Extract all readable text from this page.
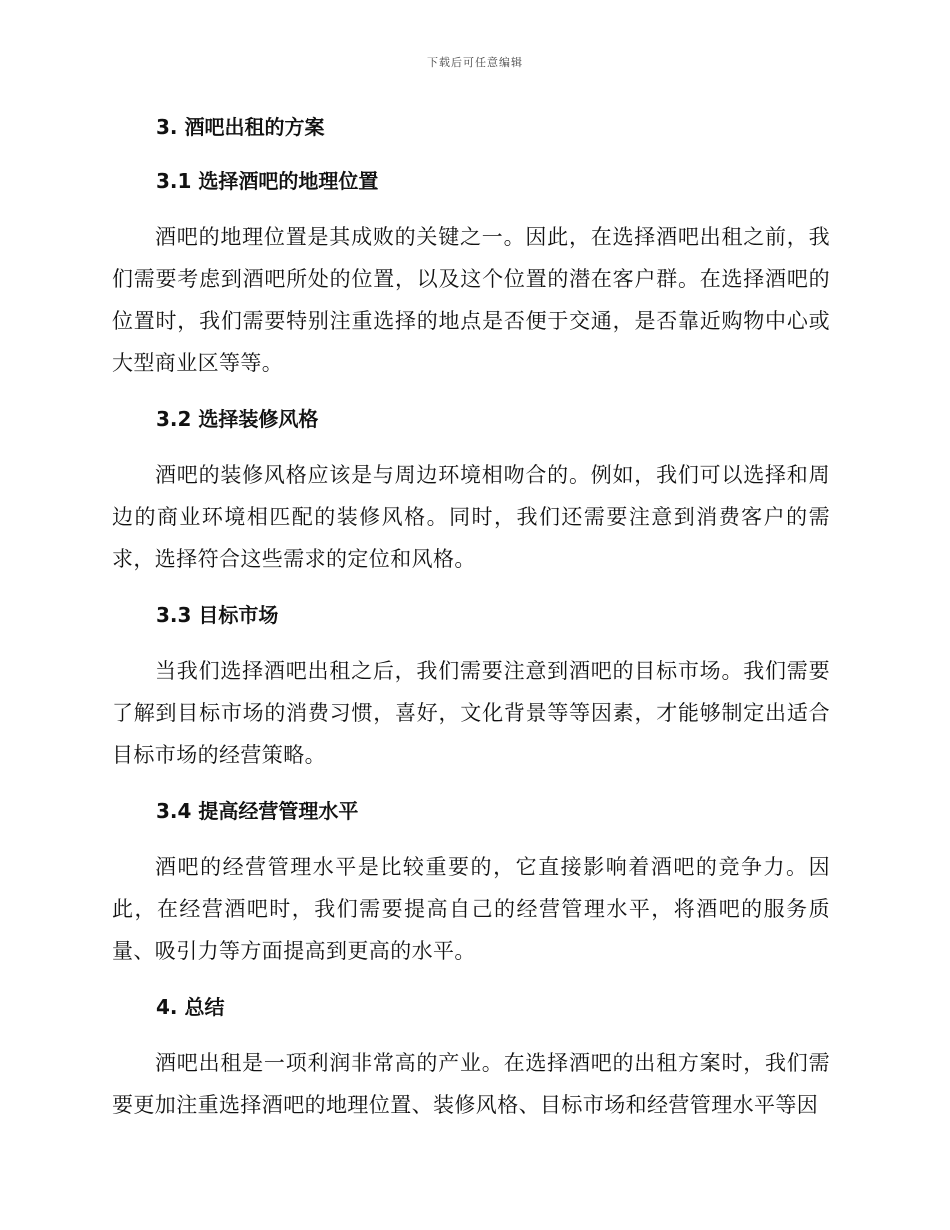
下载后可任意编辑
3. 酒吧出租的方案
3.1 选择酒吧的地理位置

酒吧的地理位置是其成败的关键之一。因此，在选择酒吧出租之前，我们需要考虑到酒吧所处的位置，以及这个位置的潜在客户群。在选择酒吧的位置时，我们需要特别注重选择的地点是否便于交通，是否靠近购物中心或大型商业区等等。

3.2 选择装修风格

酒吧的装修风格应该是与周边环境相吻合的。例如，我们可以选择和周边的商业环境相匹配的装修风格。同时，我们还需要注意到消费客户的需求，选择符合这些需求的定位和风格。

3.3 目标市场

当我们选择酒吧出租之后，我们需要注意到酒吧的目标市场。我们需要了解到目标市场的消费习惯，喜好，文化背景等等因素，才能够制定出适合目标市场的经营策略。

3.4 提高经营管理水平

酒吧的经营管理水平是比较重要的，它直接影响着酒吧的竞争力。因此，在经营酒吧时，我们需要提高自己的经营管理水平，将酒吧的服务质量、吸引力等方面提高到更高的水平。

4. 总结

酒吧出租是一项利润非常高的产业。在选择酒吧的出租方案时，我们需要更加注重选择酒吧的地理位置、装修风格、目标市场和经营管理水平等因
